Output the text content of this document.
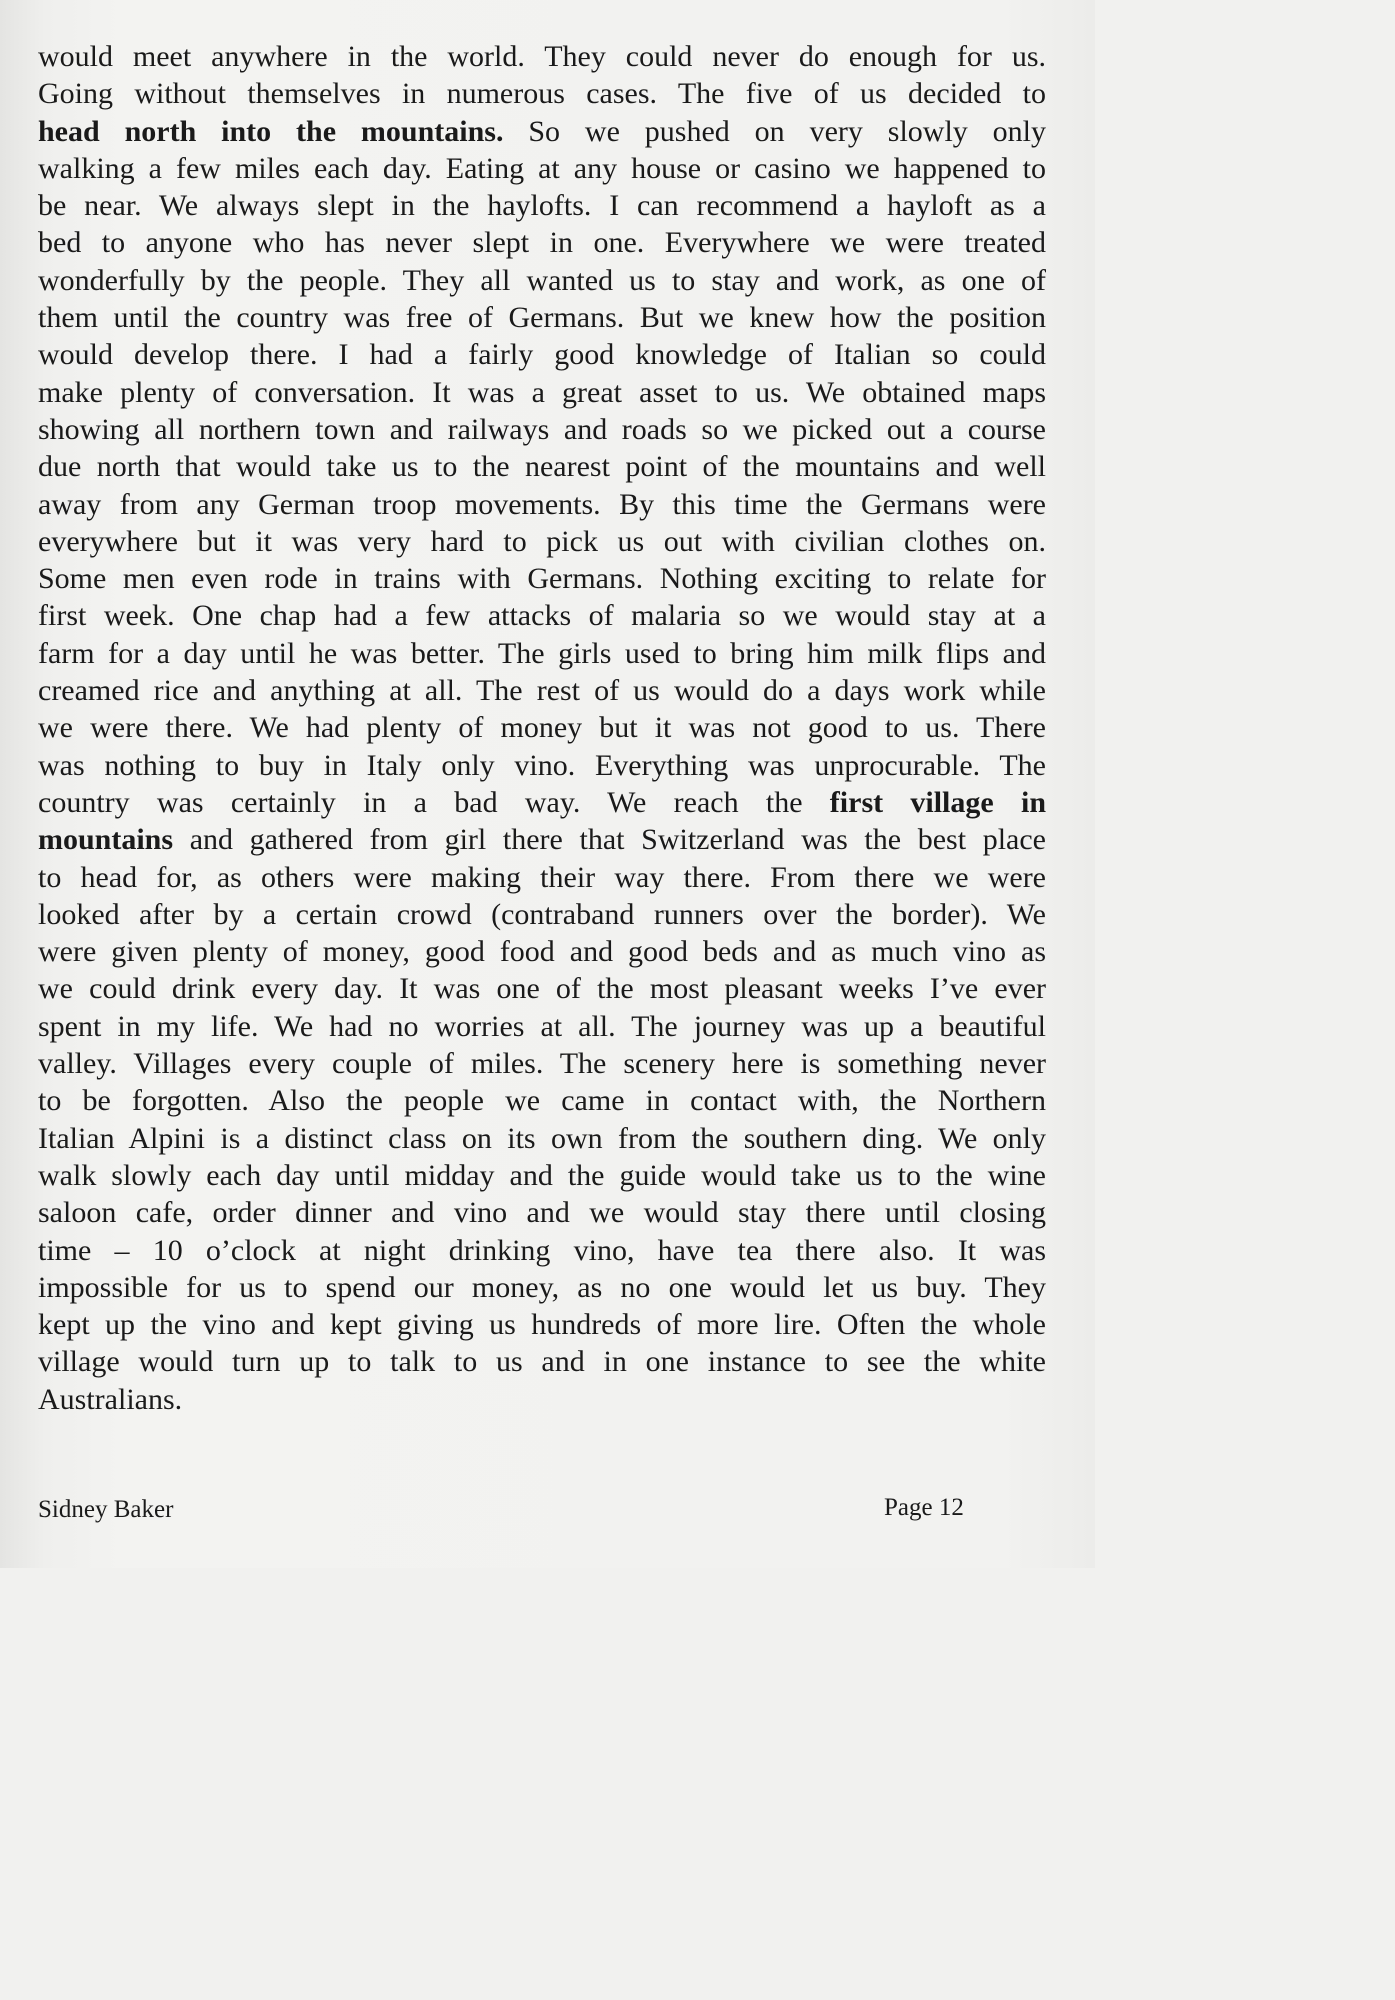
would meet anywhere in the world. They could never do enough for us.
Going without themselves in numerous cases. The five of us decided to
head north into the mountains. So we pushed on very slowly only
walking a few miles each day. Eating at any house or casino we happened to
be near. We always slept in the haylofts. I can recommend a hayloft as a
bed to anyone who has never slept in one. Everywhere we were treated
wonderfully by the people. They all wanted us to stay and work, as one of
them until the country was free of Germans. But we knew how the position
would develop there. I had a fairly good knowledge of Italian so could
make plenty of conversation. It was a great asset to us. We obtained maps
showing all northern town and railways and roads so we picked out a course
due north that would take us to the nearest point of the mountains and well
away from any German troop movements. By this time the Germans were
everywhere but it was very hard to pick us out with civilian clothes on.
Some men even rode in trains with Germans. Nothing exciting to relate for
first week. One chap had a few attacks of malaria so we would stay at a
farm for a day until he was better. The girls used to bring him milk flips and
creamed rice and anything at all. The rest of us would do a days work while
we were there. We had plenty of money but it was not good to us. There
was nothing to buy in Italy only vino. Everything was unprocurable. The
country was certainly in a bad way. We reach the first village in
mountains and gathered from girl there that Switzerland was the best place
to head for, as others were making their way there. From there we were
looked after by a certain crowd (contraband runners over the border). We
were given plenty of money, good food and good beds and as much vino as
we could drink every day. It was one of the most pleasant weeks I’ve ever
spent in my life. We had no worries at all. The journey was up a beautiful
valley. Villages every couple of miles. The scenery here is something never
to be forgotten. Also the people we came in contact with, the Northern
Italian Alpini is a distinct class on its own from the southern ding. We only
walk slowly each day until midday and the guide would take us to the wine
saloon cafe, order dinner and vino and we would stay there until closing
time – 10 o’clock at night drinking vino, have tea there also. It was
impossible for us to spend our money, as no one would let us buy. They
kept up the vino and kept giving us hundreds of more lire. Often the whole
village would turn up to talk to us and in one instance to see the white
Australians.
Sidney Baker	Page 12
